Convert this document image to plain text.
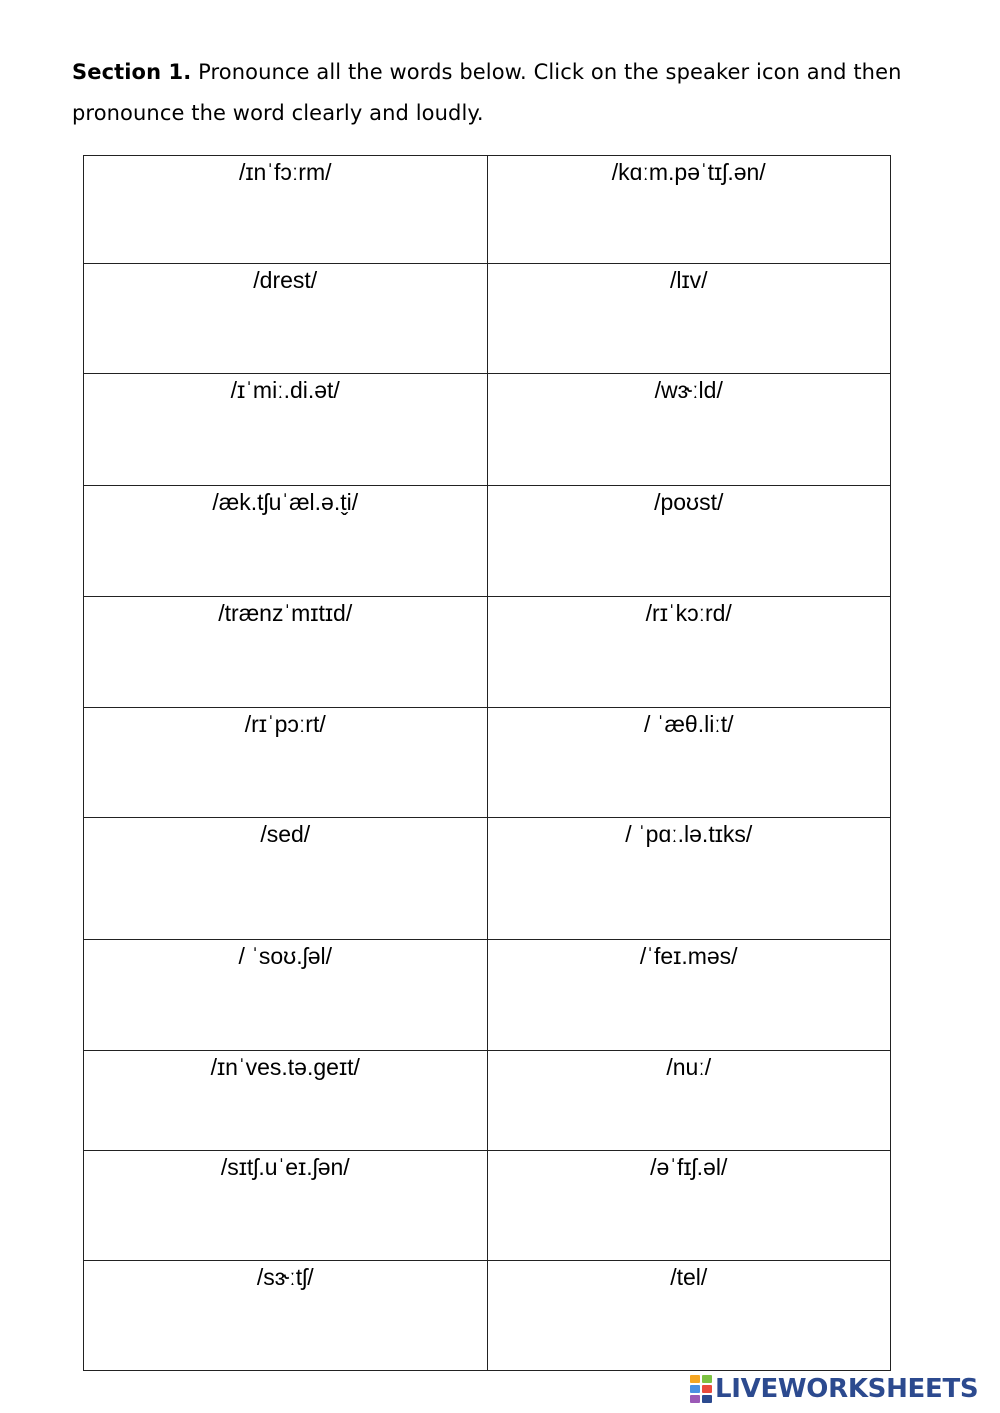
Section 1. Pronounce all the words below. Click on the speaker icon and then pronounce the word clearly and loudly.
/ɪnˈfɔːrm/	/kɑːm.pəˈtɪʃ.ən/
/drest/	/lɪv/
/ɪˈmiː.di.ət/	/wɝːld/
/æk.tʃuˈæl.ə.t̬i/	/poʊst/
/trænzˈmɪtɪd/	/rɪˈkɔːrd/
/rɪˈpɔːrt/	/ ˈæθ.liːt/
/sed/	/ ˈpɑː.lə.tɪks/
/ ˈsoʊ.ʃəl/	/ˈfeɪ.məs/
/ɪnˈves.tə.geɪt/	/nuː/
/sɪtʃ.uˈeɪ.ʃən/	/əˈfɪʃ.əl/
/sɝːtʃ/	/tel/
LIVEWORKSHEETS
